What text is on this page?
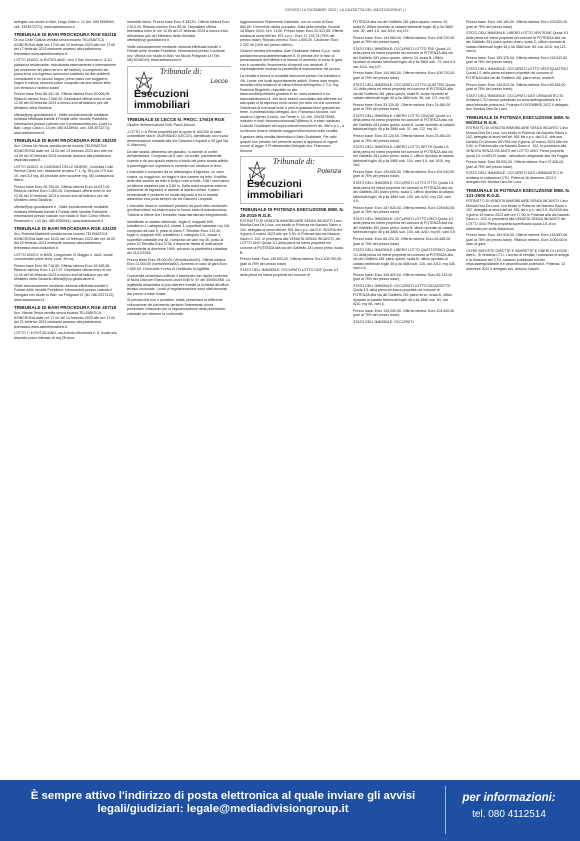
GIOVEDÌ 10 DICEMBRE 2022 | LA GAZZETTA DEL MEZZOGIORNO | I

delegato con studio in Bari, Largo Giale n. 12 (tel. 080 5565964; cell. 3393572271); www.asteannunci.it

TRIBUNALE DI BARI PROCEDURA RGE 502/18

Di uso Celle Gallizia vendita senza incanto TELEMATICA ASINCRONA dalle ore 17:00 del 10 febbraio 2023 alle ore 17:00 del 17 febbraio 2023 mediante accesso alla piattaforma telematica www.astetelematiche.it.

LOTTO UNICO: in RUTIGLIANO, vico Il San Vincenzo n. 8-10, palazzina residenziale, ristrutturata esternamente e internamente (ad eccezione del piano terra e dei lastrici). Il compendio da: piano terra con ingresso autonomo costituito da due ambienti comunicanti e un piccolo bagno; primo piano con soggiorno, bagno e cucina; secondo piano composto da due stanze letto, con terrazza e lastrico solare.

Prezzo base Euro 68.341,46. Offerta minima Euro 52.006,05. Rilancio minimo Euro 2.500,00. Depositare offerta entro le ore 12.00 del 03 febbraio 2023 a mezzo invii all'indirizzo pec del Ministero della Giustizia

offerta@pvp.giustiziacert.it . Visite esclusivamente mediante richiesta effettuata tramite il Portale delle Vendite Pubbliche. Informazioni presso custode con il professionista avv. Lucia Lo Bari, Largo Casa n. 13 (tel. 080 5328944; cell. 339.3573271); www.asteannunci.it

TRIBUNALE DI BARI PROCEDURA RGE 352/20

Avv. Chiara De Nicola vendita senza incanto TELEMATICA ASINCRONA dalle ore 14.00 del 13 febbraio 2023 sino alle ore 14.00 del 20 febbraio 2023 mediante accesso alla piattaforma www.fallcoaste.it.

LOTTO UNICO: in CASSANO DELLE MURGE, Contrada Colle Serena Cicolo snc, abitazione al piano F-1, fg. 35 p.lla 179 sub. 10, vani 3,5 mq. 85 (escluse aree scoperte mq. 56) consistenza libera.

Prezzo base Euro 28.796,00. Offerta minima Euro 16.617,00. Rilancio minimo Euro 2.000,00. Depositare offerta entro le ore 12.00 del 10 febbraio 2023 a mezzo invii all'indirizzo pec del Ministero della Giustizia

offerta@pvp.giustiziacert.it . Visite esclusivamente mediante richiesta effettuata tramite il Portale delle Vendite Pubbliche. Informazioni presso custode con studio in Bari, Corso Vittorio Emanuele n. 143 (tel. 080.5250644); www.asteannunci.it

TRIBUNALE DI BARI PROCEDURA RGE 431/20

Avv. Roberta Martinelli vendita senza incanto TELEMATICA ASINCRONA dalle ore 16.00 del 13 febbraio 2023 alle ore 16.00 del 20 febbraio 2023 mediante accesso alla piattaforma telematica www.doauction.it.

LOTTO UNICO: in BARI, Lungomare IX Maggio n. 4A/A, locale commerciale piano terra, cons. 55 mq.

Prezzo base Euro 56.718,58. Offerta minima Euro 42.538,38. Rilancio minimo Euro 1.417,97. Depositare offerta entro le ore 12.00 del 06 febbraio 2023 a mezzo invii all'indirizzo pec del Ministero della Giustizia offerta@pvp.giustiziacert.it .

Visite esclusivamente mediante richiesta effettuata tramite il Portale delle Vendite Pubbliche. Informazioni presso custode il Delegato con studio in Bari, via Putignani 47 (tel. 080.5227412); www.asteannunci.it

TRIBUNALE DI BARI PROCEDURA RGE 407/18

Avv. Vittoria Tersia vendita senza incanto TELEMATICA ASINCRONA dalle ore 17.00 del 14 febbraio 2023 alle ore 17.00 del 21 febbraio 2023 mediante accesso alla piattaforma telematica www.astetelematiche.it

LOTTO 7: in RUTIGLIANO, via Antonio Muciaccia n. 6, locale sito deposito piano interrato di mq 25 circa.

Immobile libero. Prezzo base Euro 3.353,91. Offerta minima Euro 2.515,43. Rilancio minimo Euro 50,00. Depositare offerta telematica entro le ore 12.00 del 07 febbraio 2023 a mezzo invio all'indirizzo pec del Ministero della Giustizia offerta@pvp.giustiziacert.it.

Visite esclusivamente mediante richiesta effettuata tramite il Portale delle Vendite Pubbliche. Informazioni presso il custode avv. Vittoria con studio in Bari, via Nicolò Putignani 147 (tel. 080.5246244); www.asteannunci.it

Tribunale di:
Lecce
Esecuzioni immobiliari

TRIBUNALE DI LECCE N. PROC. 176/19 RGE

Giudice dell'esecuzione Dott. Paolo Moroni.

-LOTTO 1: A Piena proprietà per la quota di 100/100 di casa unifamiliare sita in TAURISANO (LECCE), identificato con nuova denominazione stradale alla Via Giacomo Leopardi n.28 (già Via A. Manzoni).

Da tale strada, attraverso del giardino, si accede al cortile dell'abitazione. Composto da 5 vani, un cortile, parzialmente coperto e da uno spazio esterno a livello del piano strada adibito a parcheggio con copertura in cemento con struttura in ferro.

L'immobile è composto da un disimpegno d'ingresso, un vano cucina, un soggiorno, un bagno e due camere da letto. Il soffitto delle due camere da letto è di tipo volta a botte. Tutti i vani hanno un'altezza massima pari a 3,50 m. Dalla scala scoperta esterna (adiacente all'ingresso) si accede al lastrico solare. Il piano sementerale è presente un locale deposito a cui si accede attraverso una porta sempre da via Giacomo Leopardi.

L'immobile versa in condizioni pessime da punti visto strutturale; gli infissi interni ed esterni sono in buono stato di manutenzione. Tuttavia si ritiene che l'immobile vada ristrutturato integralmente.

Identificato al catasto fabbricati: -foglio 6, mappale 696, subalterno 2, categoria A/4, classe 3, superficie catastale mq 116, composto da vani 5, posto al piano T, Rendita: Euro 219,49; -foglio 6, mappale 696, subalterno 1, categoria C/2, classe 1, superficie catastale mq 40, composto da vani mq 35, posto al piano S1 Rendita Euro 3736. Il deposito risulta di costruzione antecedente al dicembre 1999, secondo la planimetria catastale del 31/12/1939.

Prezzo Base Euro 28.000,00 (Ventottomila/00). Offerta minima Euro 21.000,00 (ventunomila/00). Aumento in caso di gara Euro 1.000,00. L'immobile è privo di Certificato di Agibilità.

Conformità urbanistico-edilizia: il fabbricato non risulta conforme al Nulla Osta per Esecuzioni Lavori Edili N. 87 del 30/05/1968. La legittimità urbanistica si può ottenere tramite la richiesta all'ufficio tecnico comunale. I costi di regolarizzazione sono stati decurtati dal prezzo a base d'asta.

Si precisa che non è possibile, infatti, presentare la differente collocazione del pavimento pertanto l'interessato dovrà presentare il fascicolo per la regolarizzazione della planimetria catastale per ottenere la conformità.

Aggiornamento Planimetria Catastale, con un costo di Euro 500,00. L'immobile risulta occupato. Data della vendita: Giovedì 16 Marzo 2023. Ore: 11:00. Prezzo base: Euro 22.923,65. Offerta minima ai sensi dell'art. 571 c.p.c.: Euro 17.192,74 (75% del prezzo-base). Rilancio minimo: Euro 1.000,00. Cauzione: Euro 2.292,36 (10% del prezzo offerto).

Gestore vendita telematica: Aste Giudiziarie Inlinea S.p.a., sulla piattaforma www.astetelematiche.it. Si precisa che in fase di presentazione dell'offerta è di rilancio in aumento in corso di gara, non è consentito l'inserimento di importi con decimali. È espressamente esclusa la possibilità di elaborazione del prezzo.

La vendita è tenuta in modalità Asincrona presso Via Adriatica n. 4/b, Lecce; nei locali appositamente adibiti. Il bene sarà meglio descritto nella relazione di stima a firma dell'esperto C.T.U. Ing. Federica Rugniello, reperibile su sito www.venditepubbliche.giustizia.it, su: www.ceamet.it e su www.asteannunci.it, che deve essere consultata dall'offerente ed alla quale si fa espresso rinvio anche per tutto ciò che concerne l'esistenza di eventuali oneri e pesi a qualsiasi titolo gravanti sul bene. Il professionista delegato, Avv. Francesco Morona, con studio in Ugento (Lecce), via Treste n. 10, cell. 334/3176584, indirizzo e-mail: francescomorona67@libero.it, è stato nominato Custode Giudiziario dei sopra indicati immobili ex art. 560 c.p.c.; a lui devono essere richieste maggiori informazioni sulla vendita.

Il gestore della vendita telematica è Aste Giudiziarie. Per tutto quanto non previsto nel presente avviso si applicano le vigenti norme di legge. Il Professionista Delegato Avv. Francesco Morona.

Tribunale di:
Potenza
Esecuzioni immobiliari

TRIBUNALE DI POTENZA ESECUZIONE IMM. N. 28-2019 R.G.E.

ESTRATTO DI VENDITA IMMOBILIARE SENZA INCANTO L'avv. Monica Dea De Luca, con studio in Potenza via Nazario Sauro n. 102, delegata ai sensi dell'art. 591 bis c.p.c. dal G.E. AVVISA che il giorno 3 marzo 2023 alle ore 9,30, in Potenza alla via Nazario Sauro n. 102, si procederà alla VENDITA SENZA INCANTO, del LOTTO UNO Quota 1/1 della piena ed intera proprietà nel comune di POTENZA alla via del Gallitello 281 piano primo, scala B.

Prezzo base: Euro 145.000,00. Offerta minima: Euro 108.750,00 (pari al 75% del prezzo base).

STATO DELL'IMMOBILE: OCCUPATO LOTTO DUE Quota 1/1 della piena ed intera proprietà nel comune di

POTENZA alla via del Gallitello 281 piano quarto, interno 19, scala B, Ufficio riportato al catasto fabbricati foglio 46 p.lla 3860 sub. 30, vani 4,5, cat. A/10, mq 107;

Prezzo base: Euro 144.960,00. Offerta minima: Euro 108.720,00 (pari al 75% del prezzo base).

STATO DELL'IMMOBILE: OCCUPATO LOTTO TRE Quota 1/1 della piena ed intera proprietà nel comune di POTENZA alla via del Gallitello 281 piano quarto, interno 24, scala B, Ufficio riportato al catasto fabbricati foglio 46 p.lla 3860 sub. 74, vani 4,5 cat. A/10, mq 107;

Prezzo base: Euro 144.960,00. Offerta minima: Euro 108.720,00 (pari al 75% del prezzo base).

STATO DELL'IMMOBILE: OCCUPATO LOTTO QUATTRO Quota 1/1 della piena ed intera proprietà nel comune di POTENZA alla via del Gallitello 281 piano quinto, scala B, locale riportato al catasto fabbricati foglio 46 p.lla 3860 sub. 36, cat. C/2, mq 40;

Prezzo base: Euro 33.120,00. Offerta minima: Euro 24.840,00 (pari al 75% del prezzo base).

STATO DELL'IMMOBILE: LIBERO LOTTO CINQUE Quota 1/1 della piena ed intera proprietà nel comune di POTENZA alla via del Gallitello 281 piano quinto, scala B, locale riportato al catasto fabbricati foglio 46 p.lla 3860 sub. 37, cat. C/2, mq 40;

Prezzo base: Euro 33.120,00. Offerta minima: Euro 24.840,00 (pari al 75% del prezzo base).

STATO DELL'IMMOBILE: LIBERO LOTTO SETTE Quota 1/1 della piena ed intera proprietà nel comune di POTENZA alla via del Gallitello 281 piano primo, scala C, ufficio riportato al catasto fabbricati foglio 46 p.lla 3860 sub. 104, vani 4,5, cat. A/10, mq 104;

Prezzo base: Euro 139.600,00. Offerta minima: Euro 104.940,00 (pari al 75% del prezzo base).

STATO DELL'IMMOBILE: OCCUPATO LOTTO OTTO Quota 1/1 della piena ed intera proprietà nel comune di POTENZA alla via del Gallitello 281 piano primo, scala C, ufficio riportato al catasto fabbricati foglio 46 p.lla 3860 sub. 105, cat. A/10, mq 128, vani 4,5;

Prezzo base: Euro 167.520,00. Offerta minima: Euro 125.640,00 (pari al 75% del prezzo base).

STATO DELL'IMMOBILE: OCCUPATO LOTTO DIECI Quota 1/1 della piena ed intera proprietà nel comune di POTENZA alla via del Gallitello 281 piano primo, scala B, ufficio riportato al catasto fabbricati foglio 46 p.lla 3860 sub. 104, cat. A/10, mq 69, vani 3,5;

Prezzo base: Euro 86.220,00. Offerta minima: Euro 64.665,00 (pari al 75% del prezzo base).

STATO DELL'IMMOBILE: LIBERO LOTTO QUATTORDICI Quota 1/1 della piena ed intera proprietà nel comune di POTENZA alla via del Gallitello 281 piano quinto, scala B, ufficio riportato al catasto fabbricati foglio 46 p.lla 3860 sub. 115, cat. A/10, mq 108, vani 4,5;

Prezzo base: Euro 109.620,00. Offerta minima: Euro 82.215,00 (pari al 75% del prezzo base).

STATO DELL'IMMOBILE: OCCUPATO LOTTO DICIASSETTE Quota 1/1 della piena ed intera proprietà nel comune di POTENZA alla via del Gallitello 281 piano terzo, scala B, ufficio riportato al catasto fabbricati foglio 46 p.lla 3860 sub. 61, cat. A/10, mq 98, vani 4;

Prezzo base: Euro 139.200,00. Offerta minima: Euro 104.400,00 (pari al 75% del prezzo base).

STATO DELL'IMMOBILE: OCCUPATO

Prezzo base: Euro 146.160,00. Offerta minima: Euro 109.620,00 (pari al 75% del prezzo base).

STATO DELL'IMMOBILE: LIBERO LOTTO VENTIDUE Quota 1/1 della piena ed intera proprietà nel comune di POTENZA alla via del Gallitello 281 piano quinto-charo, scala C, ufficio riportato al catasto fabbricati foglio 46 p.lla 3860 sub. 60, cat. A/10, mq 113, vani 6;

Prezzo base: Euro 159.375,00. Offerta minima: Euro 119.532,00 (pari al 75% del prezzo base).

STATO DELL'IMMOBILE: OCCUPATO LOTTO VENTIQUATTRO Quota 1/1 della piena ed intera proprietà nel comune di POTENZA alla via del Gallitello 281 piano terzo, scala B.

Prezzo base: Euro 130.613,28. Offerta minima: Euro 98.155,00 (pari al 75% del prezzo base).

STATO DELL'IMMOBILE: OCCUPATO DATI URBANISTICI Si richiama CTU Avviso pubblicato su www.asteegiudiziarie.it e www.tribunale.potenza.it. Potenza 9 DICEMBRE 2022 Il delegato Avv. Monica Dea De Luca

TRIBUNALE DI POTENZA ESECUZIONE IMM. N. 90/2014 R.G.E.

ESTRATTO DI VENDITA IMMOBILIARE SENZA INCANTO L'avv. Monica Dea De Luca, con studio in Potenza via Nazario Sauro n. 102, delegata ai sensi dell'art. 591 bis c.p.c. dal G.E. dott.ssa Daniela Di Gennaro AVVISA che il giorno 10 marzo 2023 alle ore 9:00, in Potenza alla via Nazario Sauro n. 102, si procederà alla VENDITA SENZA INCANTO del LOTTO UNO: Piena proprietà quota 1/1 in MELFI locale - laboratorio artigianale alla Via Foggia.

Prezzo base: Euro 50.000,00. Offerta minima: Euro 37.500,00 (pari al 75% del prezzo base).

STATO DELL'IMMOBILE: OCCUPATO DATI URBANISTICI Si richiama le indicazioni CTU. Potenza 16 dicembre 2022 Il delegato Avv. Monica Dea De Luca

TRIBUNALE DI POTENZA ESECUZIONE IMM. N. 131-2005 R.G.E.

ESTRATTO DI VENDITA IMMOBILIARE SENZA INCANTO L'avv. Monica Dea De Luca, con studio in Potenza via Nazario Sauro n. 102, delegata ai sensi dell'art. 591 bis c.p.c. dal G.E. AVVISA che il giorno 10 marzo 2023 alle ore 17:00, in Potenza alla via Nazario Sauro n. 102, si procederà alla VENDITA SENZA INCANTO del LOTTO UNO Piena proprietà superficiaria quota 1/1 di un fabbricato per civile abitazione.

Prezzo base: Euro 194.516,00. Offerta minima: Euro 145.887,00 (pari al 75% del prezzo base). Rilancio minimo: Euro 3.000,00 in caso di gara.

OLTRE IMPOSTE DIRETTE E INDIRETTE E ONERI DI LEGGE - libero - Si richiama CTU. L'avviso di vendita, l'ordinanza di delega e la relazione del CTU, saranno pubblicate sul sito www.asteegiudiziarie.it e www.tribunale.potenza.it. Potenza, 12 dicembre 2022 Il delegato avv. Antonio Casulli

È sempre attivo l'indirizzo di posta elettronica al quale inviare gli avvisi legali/giudiziari: legale@mediadivisiongroup.it
per informazioni:
tel. 080 4112514
